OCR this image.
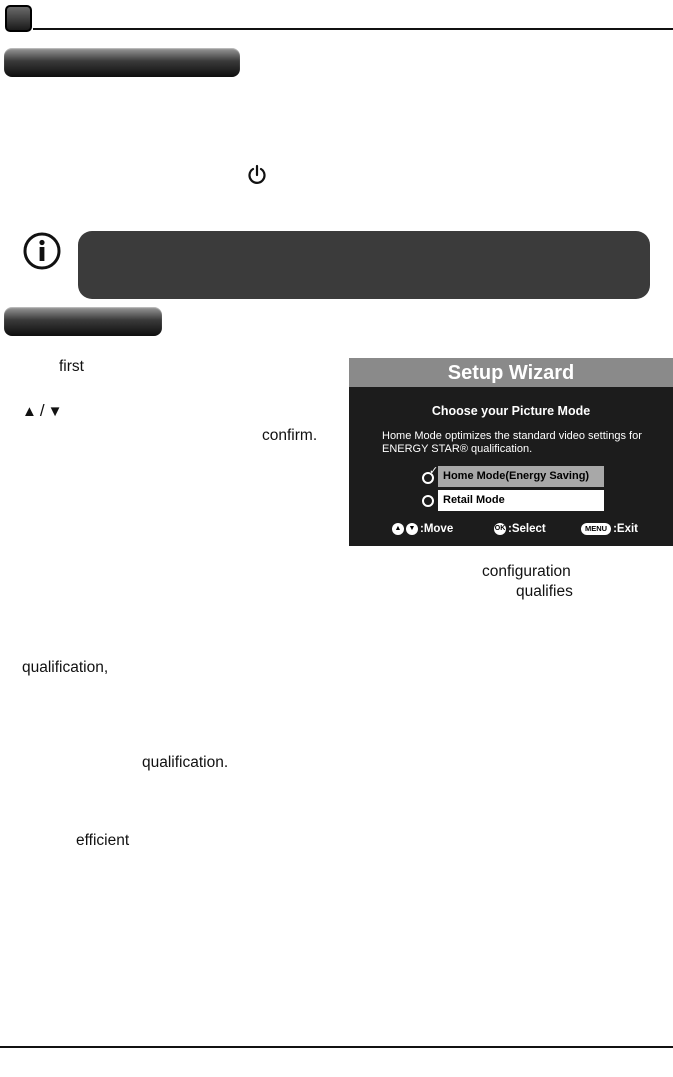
first
▲ / ▼
confirm.
configuration
qualifies
qualification,
qualification.
efficient
Setup Wizard
Choose your Picture Mode
Home Mode optimizes the standard video settings for ENERGY STAR® qualification.
✓ Home Mode(Energy Saving)
Retail Mode
▲	▼ :Move	OK :Select	MENU :Exit
